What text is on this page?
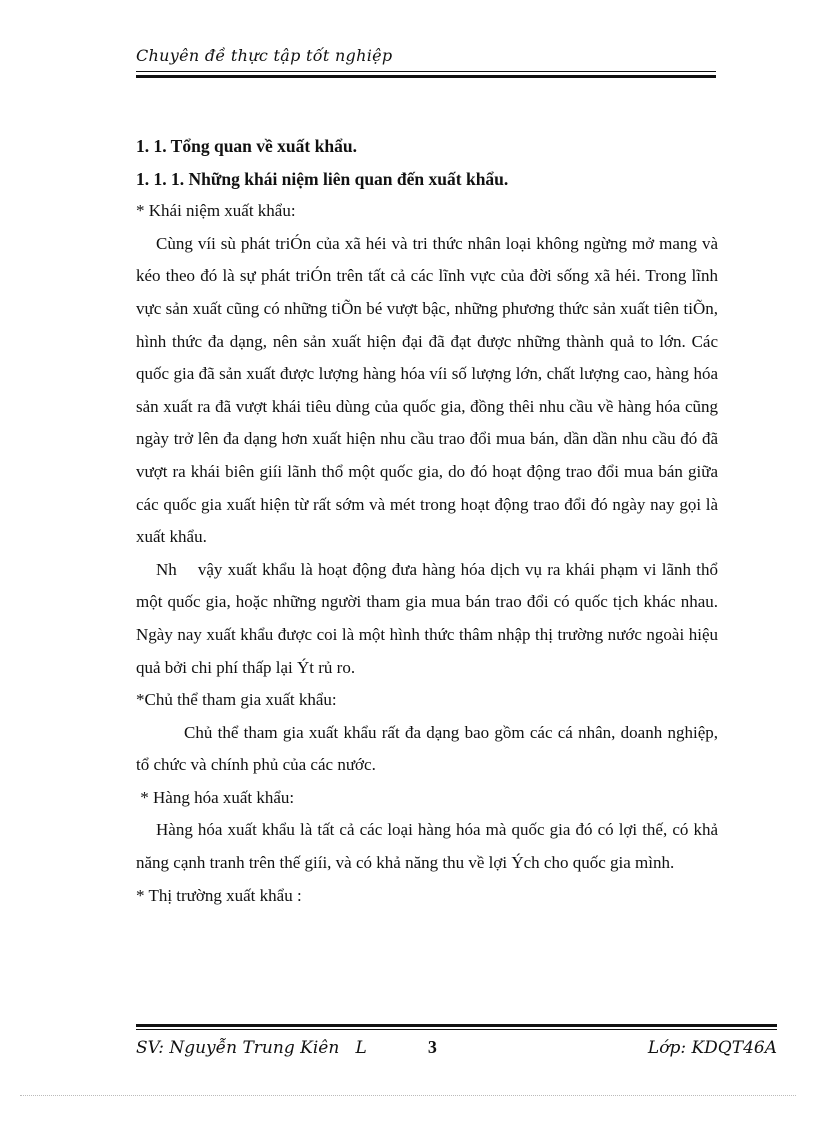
Chuyên đề thực tập tốt nghiệp

1. 1. Tổng quan về xuất khẩu.

1. 1. 1. Những khái niệm liên quan đến xuất khẩu.

* Khái niệm xuất khẩu:

Cùng víi sù phát triÓn của xã héi và tri thức nhân loại không ngừng mở mang và kéo theo đó là sự phát triÓn trên tất cả các lĩnh vực của đời sống xã héi. Trong lĩnh vực sản xuất cũng có những tiÕn bé vượt bậc, những phương thức sản xuất tiên tiÕn, hình thức đa dạng, nên sản xuất hiện đại đã đạt được những thành quả to lớn. Các quốc gia đã sản xuất được lượng hàng hóa víi số lượng lớn, chất lượng cao, hàng hóa sản xuất ra đã vượt khái tiêu dùng của quốc gia, đồng thêi nhu cầu về hàng hóa cũng ngày trở lên đa dạng hơn xuất hiện nhu cầu trao đổi mua bán, dần dần nhu cầu đó đã vượt ra khái biên giíi lãnh thổ một quốc gia, do đó hoạt động trao đổi mua bán giữa các quốc gia xuất hiện từ rất sớm và mét trong hoạt động trao đổi đó ngày nay gọi là xuất khẩu.

Nh    vậy xuất khẩu là hoạt động đưa hàng hóa dịch vụ ra khái phạm vi lãnh thổ một quốc gia, hoặc những người tham gia mua bán trao đổi có quốc tịch khác nhau. Ngày nay xuất khẩu được coi là một hình thức thâm nhập thị trường nước ngoài hiệu quả bởi chi phí thấp lại Ýt rủ ro.

*Chủ thể tham gia xuất khẩu:

Chủ thể tham gia xuất khẩu rất đa dạng bao gồm các cá nhân, doanh nghiệp, tổ chức và chính phủ của các nước.

* Hàng hóa xuất khẩu:

Hàng hóa xuất khẩu là tất cả các loại hàng hóa mà quốc gia đó có lợi thế, có khả năng cạnh tranh trên thế giíi, và có khả năng thu về lợi Ých cho quốc gia mình.

* Thị trường xuất khẩu :

SV: Nguyễn Trung Kiên   L	3	Lớp: KDQT46A
